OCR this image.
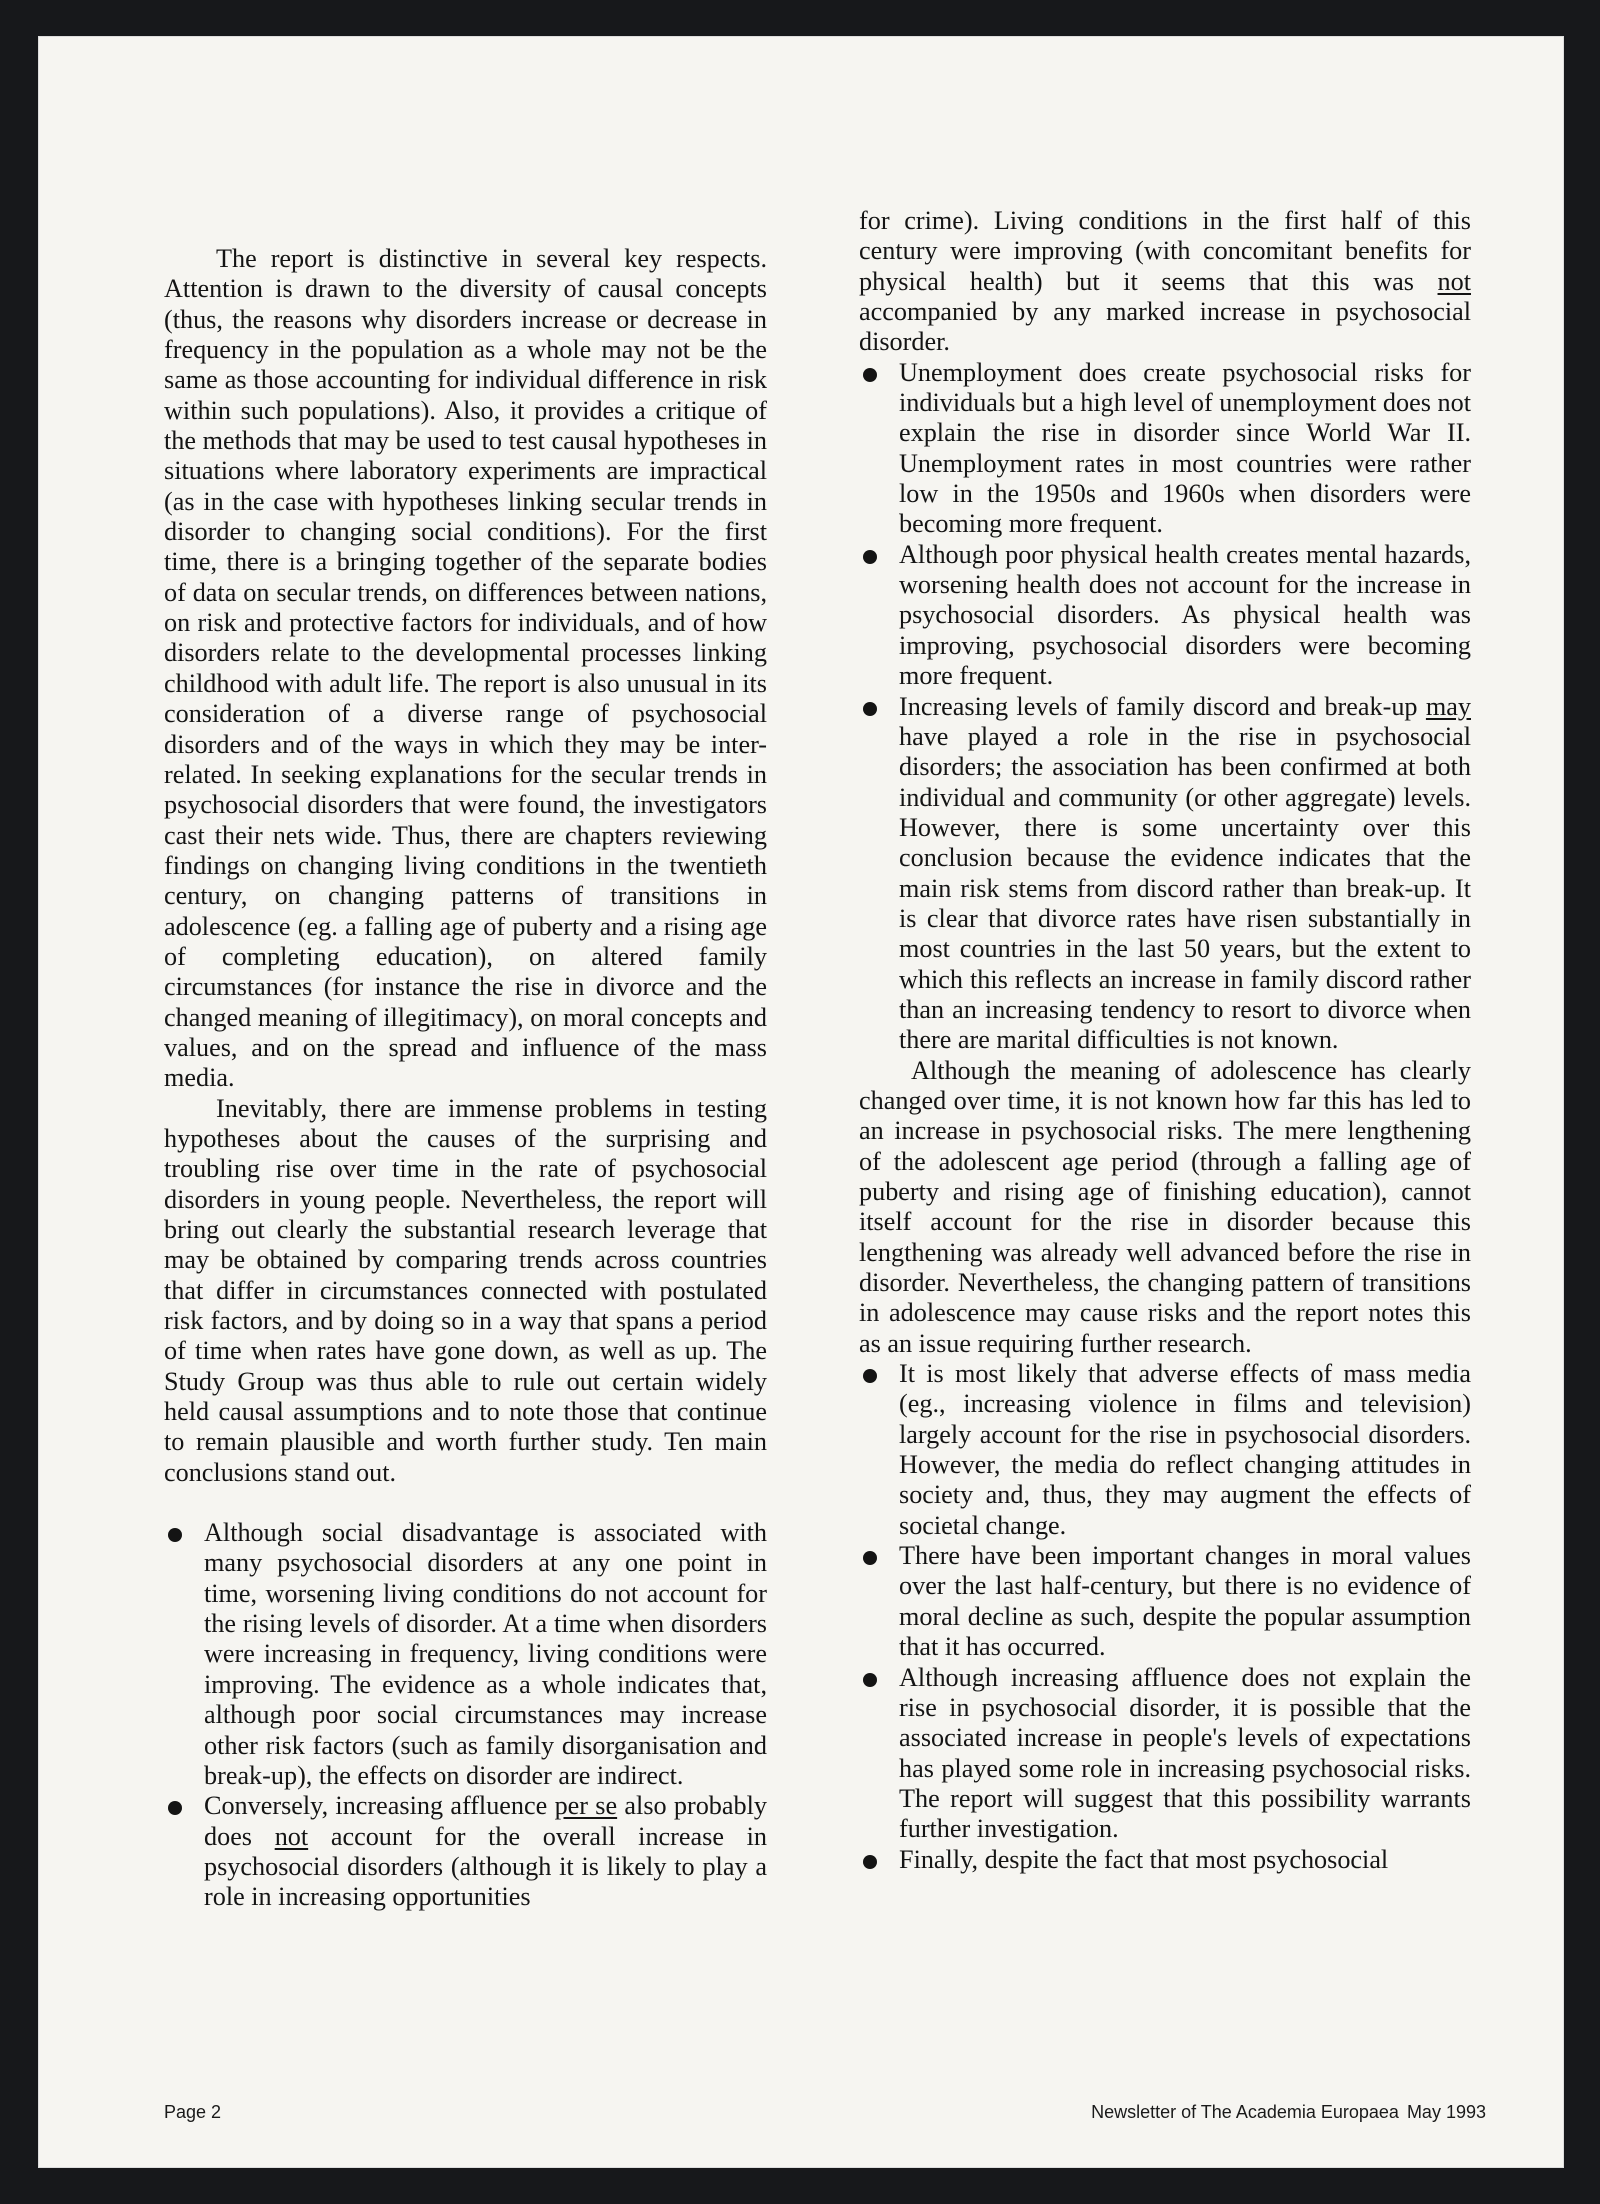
The report is distinctive in several key respects. Attention is drawn to the diversity of causal concepts (thus, the reasons why disorders increase or decrease in frequency in the population as a whole may not be the same as those accounting for individual difference in risk within such populations). Also, it provides a critique of the methods that may be used to test causal hypotheses in situations where laboratory experiments are impractical (as in the case with hypotheses linking secular trends in disorder to changing social conditions). For the first time, there is a bringing together of the separate bodies of data on secular trends, on differences between nations, on risk and protective factors for individuals, and of how disorders relate to the developmental processes linking childhood with adult life. The report is also unusual in its consideration of a diverse range of psychosocial disorders and of the ways in which they may be inter-related. In seeking explanations for the secular trends in psychosocial disorders that were found, the investigators cast their nets wide. Thus, there are chapters reviewing findings on changing living conditions in the twentieth century, on changing patterns of transitions in adolescence (eg. a falling age of puberty and a rising age of completing education), on altered family circumstances (for instance the rise in divorce and the changed meaning of illegitimacy), on moral concepts and values, and on the spread and influence of the mass media.

Inevitably, there are immense problems in testing hypotheses about the causes of the surprising and troubling rise over time in the rate of psychosocial disorders in young people. Nevertheless, the report will bring out clearly the substantial research leverage that may be obtained by comparing trends across countries that differ in circumstances connected with postulated risk factors, and by doing so in a way that spans a period of time when rates have gone down, as well as up. The Study Group was thus able to rule out certain widely held causal assumptions and to note those that continue to remain plausible and worth further study. Ten main conclusions stand out.

Although social disadvantage is associated with many psychosocial disorders at any one point in time, worsening living conditions do not account for the rising levels of disorder. At a time when disorders were increasing in frequency, living conditions were improving. The evidence as a whole indicates that, although poor social circumstances may increase other risk factors (such as family disorganisation and break-up), the effects on disorder are indirect.
Conversely, increasing affluence per se also probably does not account for the overall increase in psychosocial disorders (although it is likely to play a role in increasing opportunities

for crime). Living conditions in the first half of this century were improving (with concomitant benefits for physical health) but it seems that this was not accompanied by any marked increase in psychosocial disorder.

Unemployment does create psychosocial risks for individuals but a high level of unemployment does not explain the rise in disorder since World War II. Unemployment rates in most countries were rather low in the 1950s and 1960s when disorders were becoming more frequent.
Although poor physical health creates mental hazards, worsening health does not account for the increase in psychosocial disorders. As physical health was improving, psychosocial disorders were becoming more frequent.
Increasing levels of family discord and break-up may have played a role in the rise in psychosocial disorders; the association has been confirmed at both individual and community (or other aggregate) levels. However, there is some uncertainty over this conclusion because the evidence indicates that the main risk stems from discord rather than break-up. It is clear that divorce rates have risen substantially in most countries in the last 50 years, but the extent to which this reflects an increase in family discord rather than an increasing tendency to resort to divorce when there are marital difficulties is not known.

Although the meaning of adolescence has clearly changed over time, it is not known how far this has led to an increase in psychosocial risks. The mere lengthening of the adolescent age period (through a falling age of puberty and rising age of finishing education), cannot itself account for the rise in disorder because this lengthening was already well advanced before the rise in disorder. Nevertheless, the changing pattern of transitions in adolescence may cause risks and the report notes this as an issue requiring further research.

It is most likely that adverse effects of mass media (eg., increasing violence in films and television) largely account for the rise in psychosocial disorders. However, the media do reflect changing attitudes in society and, thus, they may augment the effects of societal change.
There have been important changes in moral values over the last half-century, but there is no evidence of moral decline as such, despite the popular assumption that it has occurred.
Although increasing affluence does not explain the rise in psychosocial disorder, it is possible that the associated increase in people's levels of expectations has played some role in increasing psychosocial risks. The report will suggest that this possibility warrants further investigation.
Finally, despite the fact that most psychosocial
Page 2	Newsletter of The Academia Europaea May 1993
